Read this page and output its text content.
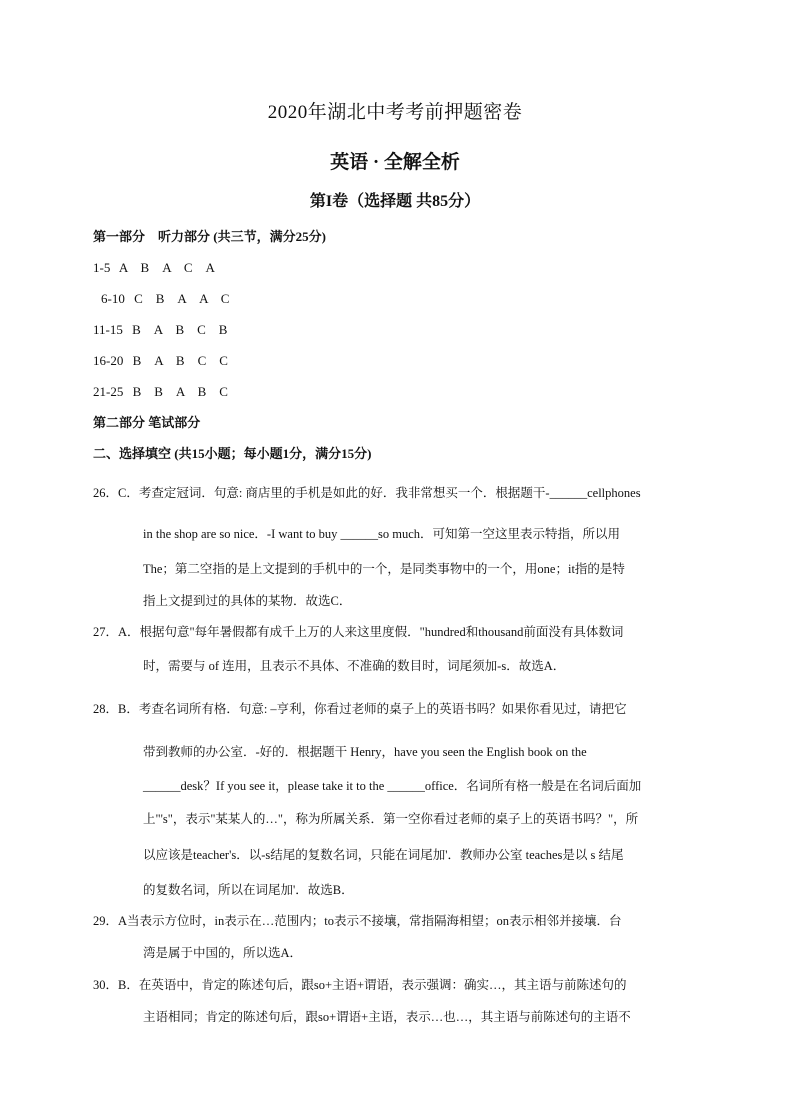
2020年湖北中考考前押题密卷
英语 · 全解全析
第I卷（选择题 共85分）
第一部分　听力部分 (共三节，满分25分)
1-5 A　B　A　C　A
6-10 C　B　A　A　C
11-15 B　A　B　C　B
16-20 B　A　B　C　C
21-25 B　B　A　B　C
第二部分 笔试部分
二、选择填空 (共15小题；每小题1分，满分15分)
26．C．考查定冠词．句意: 商店里的手机是如此的好．我非常想买一个．根据题干-______cellphones
in the shop are so nice．-I want to buy ______so much．可知第一空这里表示特指，所以用
The；第二空指的是上文提到的手机中的一个，是同类事物中的一个，用one；it指的是特
指上文提到过的具体的某物．故选C．
27．A．根据句意"每年暑假都有成千上万的人来这里度假．"hundred和thousand前面没有具体数词
时，需要与 of 连用，且表示不具体、不准确的数目时，词尾须加-s．故选A．
28．B．考查名词所有格．句意: –亨利，你看过老师的桌子上的英语书吗？如果你看见过，请把它
带到教师的办公室．-好的．根据题干 Henry，have you seen the English book on the
______desk？If you see it，please take it to the ______office．名词所有格一般是在名词后面加
上"'s"，表示"某某人的…"，称为所属关系．第一空你看过老师的桌子上的英语书吗？"，所
以应该是teacher's．以-s结尾的复数名词，只能在词尾加'．教师办公室 teaches是以 s 结尾
的复数名词，所以在词尾加'．故选B．
29．A当表示方位时，in表示在…范围内；to表示不接壤，常指隔海相望；on表示相邻并接壤．台
湾是属于中国的，所以选A．
30．B．在英语中，肯定的陈述句后，跟so+主语+谓语，表示强调：确实…，其主语与前陈述句的
主语相同；肯定的陈述句后，跟so+谓语+主语，表示…也…，其主语与前陈述句的主语不
